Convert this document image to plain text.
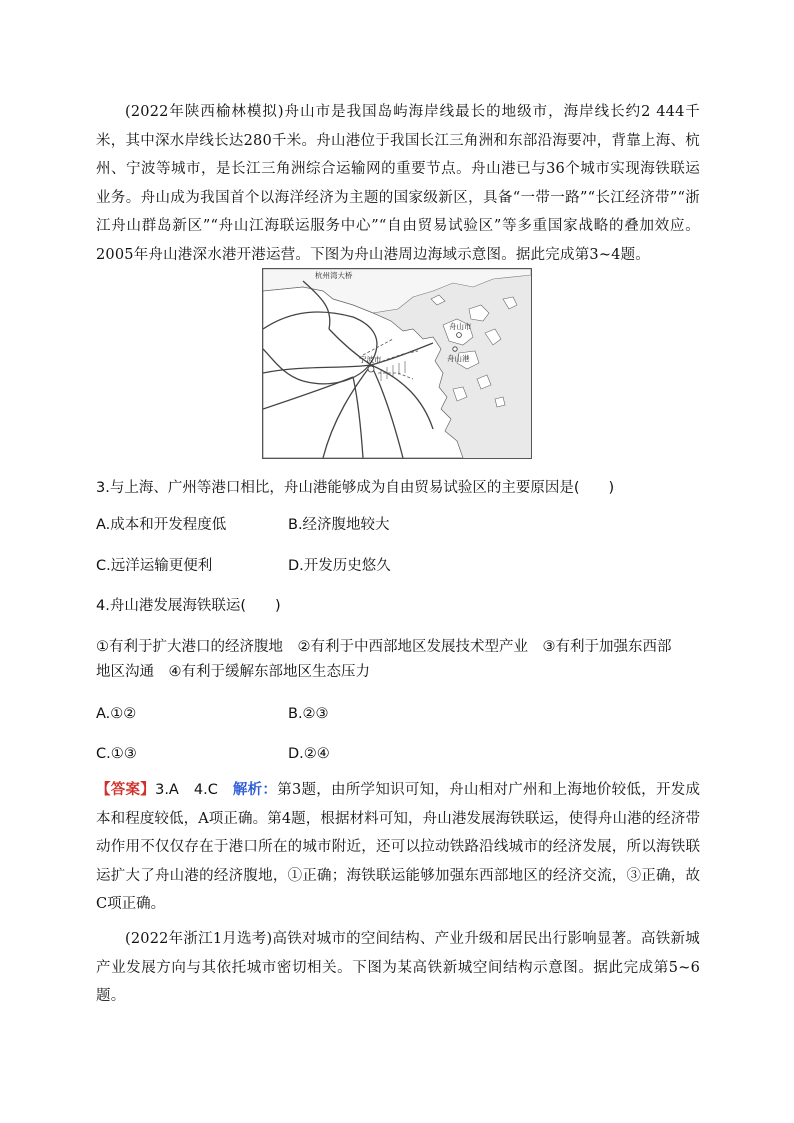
(2022年陕西榆林模拟)舟山市是我国岛屿海岸线最长的地级市，海岸线长约2 444千米，其中深水岸线长达280千米。舟山港位于我国长江三角洲和东部沿海要冲，背靠上海、杭州、宁波等城市，是长江三角洲综合运输网的重要节点。舟山港已与36个城市实现海铁联运业务。舟山成为我国首个以海洋经济为主题的国家级新区，具备“一带一路”“长江经济带”“浙江舟山群岛新区”“舟山江海联运服务中心”“自由贸易试验区”等多重国家战略的叠加效应。2005年舟山港深水港开港运营。下图为舟山港周边海域示意图。据此完成第3~4题。
杭州湾大桥
宁波市
舟山市
舟山港
3.与上海、广州等港口相比，舟山港能够成为自由贸易试验区的主要原因是(　　)
A.成本和开发程度低	B.经济腹地较大
C.远洋运输更便利	D.开发历史悠久
4.舟山港发展海铁联运(　　)
①有利于扩大港口的经济腹地　②有利于中西部地区发展技术型产业　③有利于加强东西部
地区沟通　④有利于缓解东部地区生态压力
A.①②	B.②③
C.①③	D.②④
【答案】3.A　4.C　解析：第3题，由所学知识可知，舟山相对广州和上海地价较低，开发成本和程度较低，A项正确。第4题，根据材料可知，舟山港发展海铁联运，使得舟山港的经济带动作用不仅仅存在于港口所在的城市附近，还可以拉动铁路沿线城市的经济发展，所以海铁联运扩大了舟山港的经济腹地，①正确；海铁联运能够加强东西部地区的经济交流，③正确，故C项正确。
(2022年浙江1月选考)高铁对城市的空间结构、产业升级和居民出行影响显著。高铁新城产业发展方向与其依托城市密切相关。下图为某高铁新城空间结构示意图。据此完成第5~6题。
